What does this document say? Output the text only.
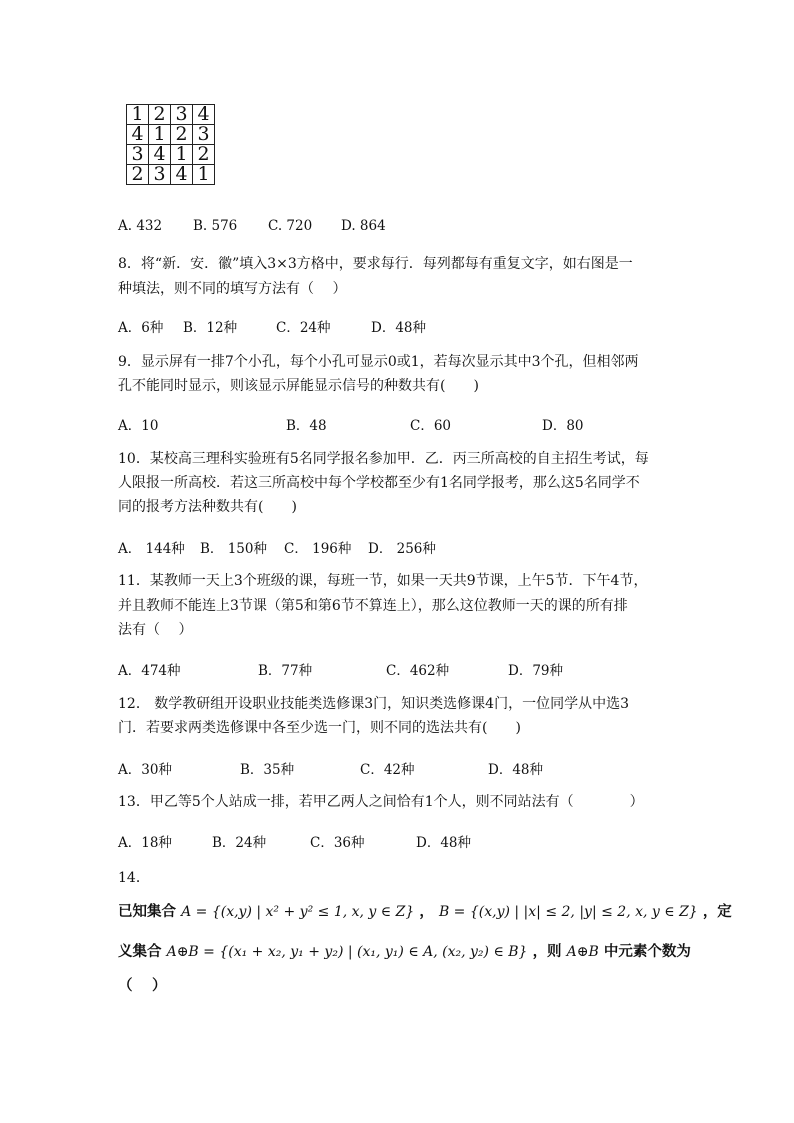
1	2	3	4
4	1	2	3
3	4	1	2
2	3	4	1
A. 432 B. 576 C. 720 D. 864
8．将“新．安．徽”填入3×3方格中，要求每行．每列都每有重复文字，如右图是一
种填法，则不同的填写方法有（　 ）
A．6种 B．12种	C．24种	D．48种
9．显示屏有一排7个小孔，每个小孔可显示0或1，若每次显示其中3个孔，但相邻两
孔不能同时显示，则该显示屏能显示信号的种数共有(　　)
A．10	B．48	C．60	D．80
10．某校高三理科实验班有5名同学报名参加甲．乙．丙三所高校的自主招生考试，每
人限报一所高校．若这三所高校中每个学校都至少有1名同学报考，那么这5名同学不
同的报考方法种数共有(　　)
A． 144种 B． 150种 C． 196种 D． 256种
11．某教师一天上3个班级的课，每班一节，如果一天共9节课，上午5节．下午4节，
并且教师不能连上3节课（第5和第6节不算连上），那么这位教师一天的课的所有排
法有（　 ）
A．474种	B．77种	C．462种	D．79种
12． 数学教研组开设职业技能类选修课3门，知识类选修课4门，一位同学从中选3
门．若要求两类选修课中各至少选一门，则不同的选法共有(　　)
A．30种	B．35种	C．42种	D．48种
13．甲乙等5个人站成一排，若甲乙两人之间恰有1个人，则不同站法有（　　　　）
A．18种	B．24种	C．36种	D．48种
14．
已知集合 A = {(x,y) | x² + y² ≤ 1, x, y ∈ Z} ， B = {(x,y) | |x| ≤ 2, |y| ≤ 2, x, y ∈ Z} ，定
义集合 A⊕B = {(x₁ + x₂, y₁ + y₂) | (x₁, y₁) ∈ A, (x₂, y₂) ∈ B} ，则 A⊕B 中元素个数为
（　 ）
